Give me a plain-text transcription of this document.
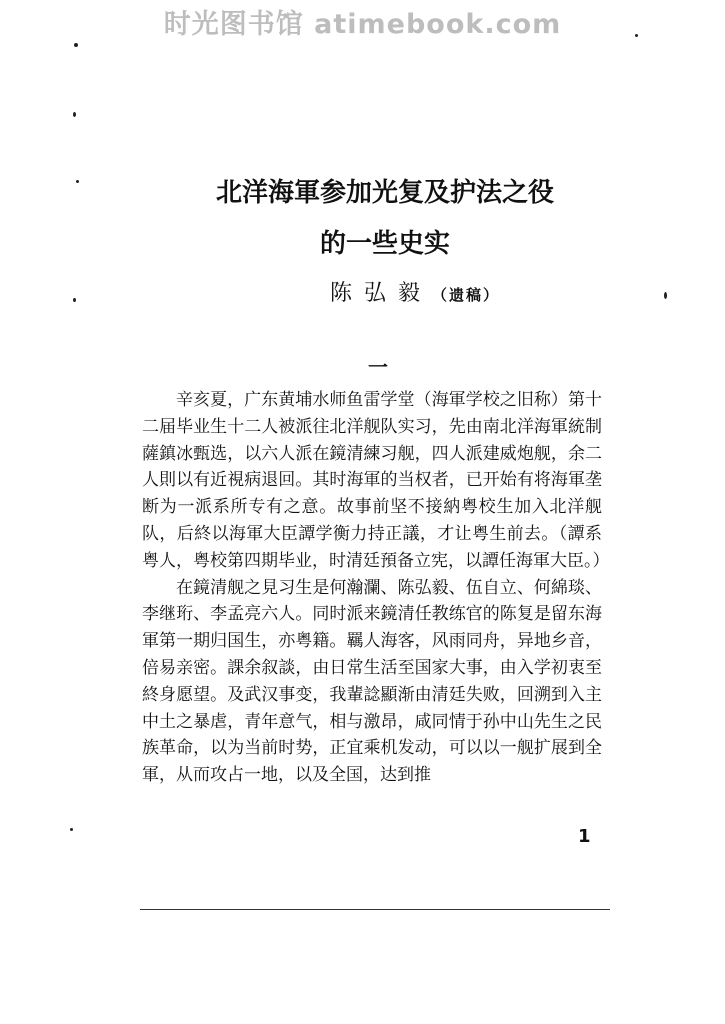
时光图书馆 atimebook.com
北洋海軍参加光复及护法之役
的一些史实
陈弘毅（遗稿）
一

辛亥夏，广东黄埔水师鱼雷学堂（海軍学校之旧称）第十二届毕业生十二人被派往北洋舰队实习，先由南北洋海軍統制薩鎮冰甄选，以六人派在鏡清練习舰，四人派建威炮舰，余二人則以有近視病退回。其时海軍的当权者，已开始有将海軍垄断为一派系所专有之意。故事前坚不接納粤校生加入北洋舰队，后終以海軍大臣譚学衡力持正議，才让粤生前去。（譚系粤人，粤校第四期毕业，时清廷預备立宪，以譚任海軍大臣。）

在鏡清舰之見习生是何瀚瀾、陈弘毅、伍自立、何綿琰、李继珩、李孟亮六人。同时派来鏡清任教练官的陈复是留东海軍第一期归国生，亦粤籍。羈人海客，风雨同舟，异地乡音，倍易亲密。課余叙談，由日常生活至国家大事，由入学初衷至終身愿望。及武汉事变，我輩諗顯渐由清廷失败，回溯到入主中土之暴虐，青年意气，相与激昂，咸同情于孙中山先生之民族革命，以为当前时势，正宜乘机发动，可以以一舰扩展到全軍，从而攻占一地，以及全国，达到推

1
